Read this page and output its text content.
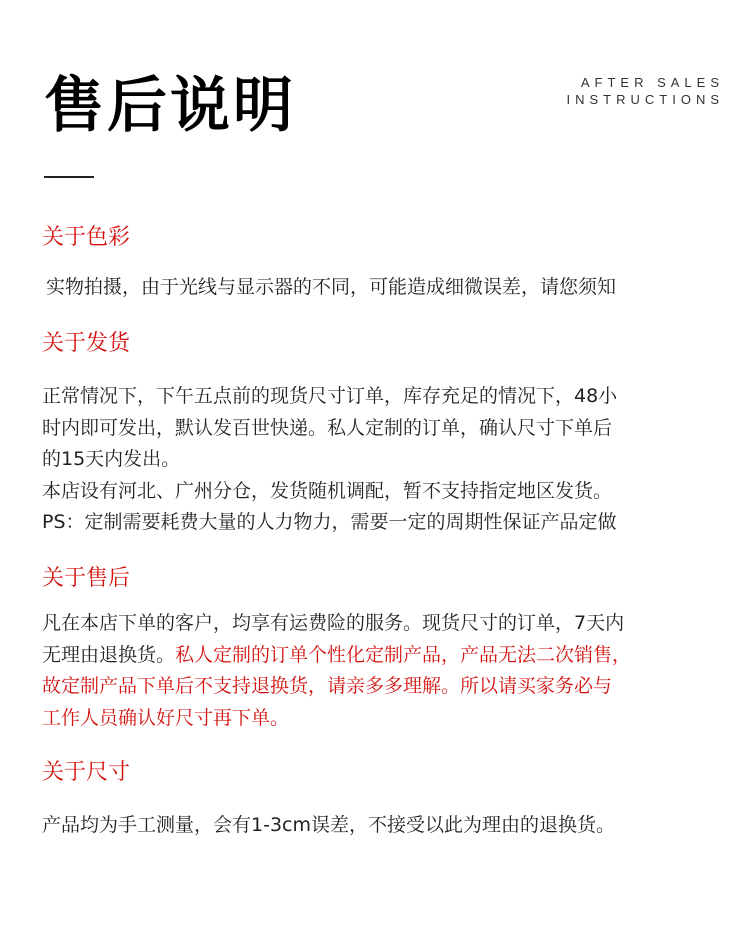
售后说明	AFTER SALES
INSTRUCTIONS
关于色彩

实物拍摄，由于光线与显示器的不同，可能造成细微误差，请您须知

关于发货

正常情况下，下午五点前的现货尺寸订单，库存充足的情况下，48小
时内即可发出，默认发百世快递。私人定制的订单，确认尺寸下单后
的15天内发出。
本店设有河北、广州分仓，发货随机调配，暂不支持指定地区发货。
PS：定制需要耗费大量的人力物力，需要一定的周期性保证产品定做

关于售后

凡在本店下单的客户，均享有运费险的服务。现货尺寸的订单，7天内
无理由退换货。私人定制的订单个性化定制产品，产品无法二次销售，
故定制产品下单后不支持退换货，请亲多多理解。所以请买家务必与
工作人员确认好尺寸再下单。

关于尺寸

产品均为手工测量，会有1-3cm误差，不接受以此为理由的退换货。
